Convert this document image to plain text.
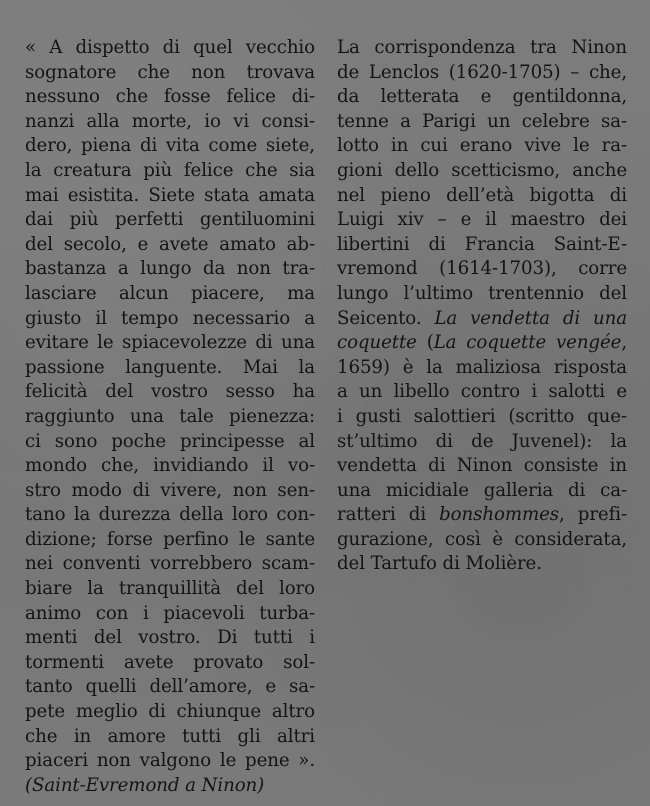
« A dispetto di quel vecchio
sognatore che non trovava
nessuno che fosse felice di-
nanzi alla morte, io vi consi-
dero, piena di vita come siete,
la creatura più felice che sia
mai esistita. Siete stata amata
dai più perfetti gentiluomini
del secolo, e avete amato ab-
bastanza a lungo da non tra-
lasciare alcun piacere, ma
giusto il tempo necessario a
evitare le spiacevolezze di una
passione languente. Mai la
felicità del vostro sesso ha
raggiunto una tale pienezza:
ci sono poche principesse al
mondo che, invidiando il vo-
stro modo di vivere, non sen-
tano la durezza della loro con-
dizione; forse perfino le sante
nei conventi vorrebbero scam-
biare la tranquillità del loro
animo con i piacevoli turba-
menti del vostro. Di tutti i
tormenti avete provato sol-
tanto quelli dell’amore, e sa-
pete meglio di chiunque altro
che in amore tutti gli altri
piaceri non valgono le pene ».
(Saint-Evremond a Ninon)
La corrispondenza tra Ninon
de Lenclos (1620-1705) – che,
da letterata e gentildonna,
tenne a Parigi un celebre sa-
lotto in cui erano vive le ra-
gioni dello scetticismo, anche
nel pieno dell’età bigotta di
Luigi xiv – e il maestro dei
libertini di Francia Saint-E-
vremond (1614-1703), corre
lungo l’ultimo trentennio del
Seicento. La vendetta di una
coquette (La coquette vengée,
1659) è la maliziosa risposta
a un libello contro i salotti e
i gusti salottieri (scritto que-
st’ultimo di de Juvenel): la
vendetta di Ninon consiste in
una micidiale galleria di ca-
ratteri di bonshommes, prefi-
gurazione, così è considerata,
del Tartufo di Molière.
